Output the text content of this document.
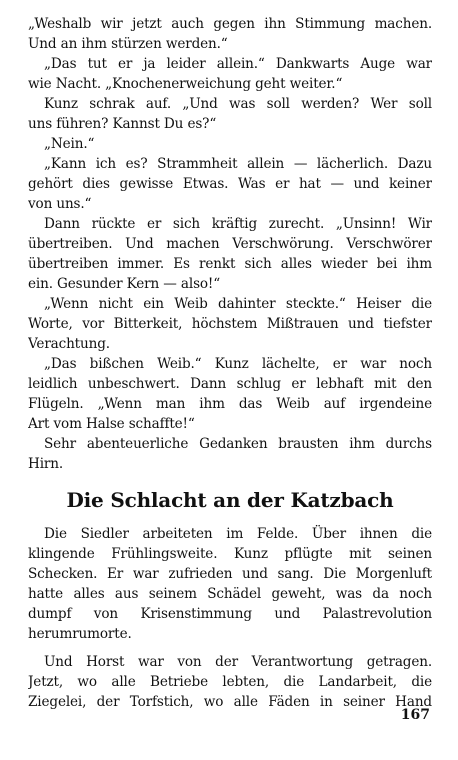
„Weshalb wir jetzt auch gegen ihn Stimmung machen.
Und an ihm stürzen werden.“
„Das tut er ja leider allein.“ Dankwarts Auge war
wie Nacht. „Knochenerweichung geht weiter.“
Kunz schrak auf. „Und was soll werden? Wer soll
uns führen? Kannst Du es?“
„Nein.“
„Kann ich es? Strammheit allein — lächerlich. Dazu
gehört dies gewisse Etwas. Was er hat — und keiner
von uns.“
Dann rückte er sich kräftig zurecht. „Unsinn! Wir
übertreiben. Und machen Verschwörung. Verschwörer
übertreiben immer. Es renkt sich alles wieder bei ihm
ein. Gesunder Kern — also!“
„Wenn nicht ein Weib dahinter steckte.“ Heiser die
Worte, vor Bitterkeit, höchstem Mißtrauen und tiefster
Verachtung.
„Das bißchen Weib.“ Kunz lächelte, er war noch
leidlich unbeschwert. Dann schlug er lebhaft mit den
Flügeln. „Wenn man ihm das Weib auf irgendeine
Art vom Halse schaffte!“
Sehr abenteuerliche Gedanken brausten ihm durchs
Hirn.
Die Schlacht an der Katzbach
Die Siedler arbeiteten im Felde. Über ihnen die
klingende Frühlingsweite. Kunz pflügte mit seinen
Schecken. Er war zufrieden und sang. Die Morgenluft
hatte alles aus seinem Schädel geweht, was da noch
dumpf von Krisenstimmung und Palastrevolution
herumrumorte.
Und Horst war von der Verantwortung getragen.
Jetzt, wo alle Betriebe lebten, die Landarbeit, die
Ziegelei, der Torfstich, wo alle Fäden in seiner Hand
167
